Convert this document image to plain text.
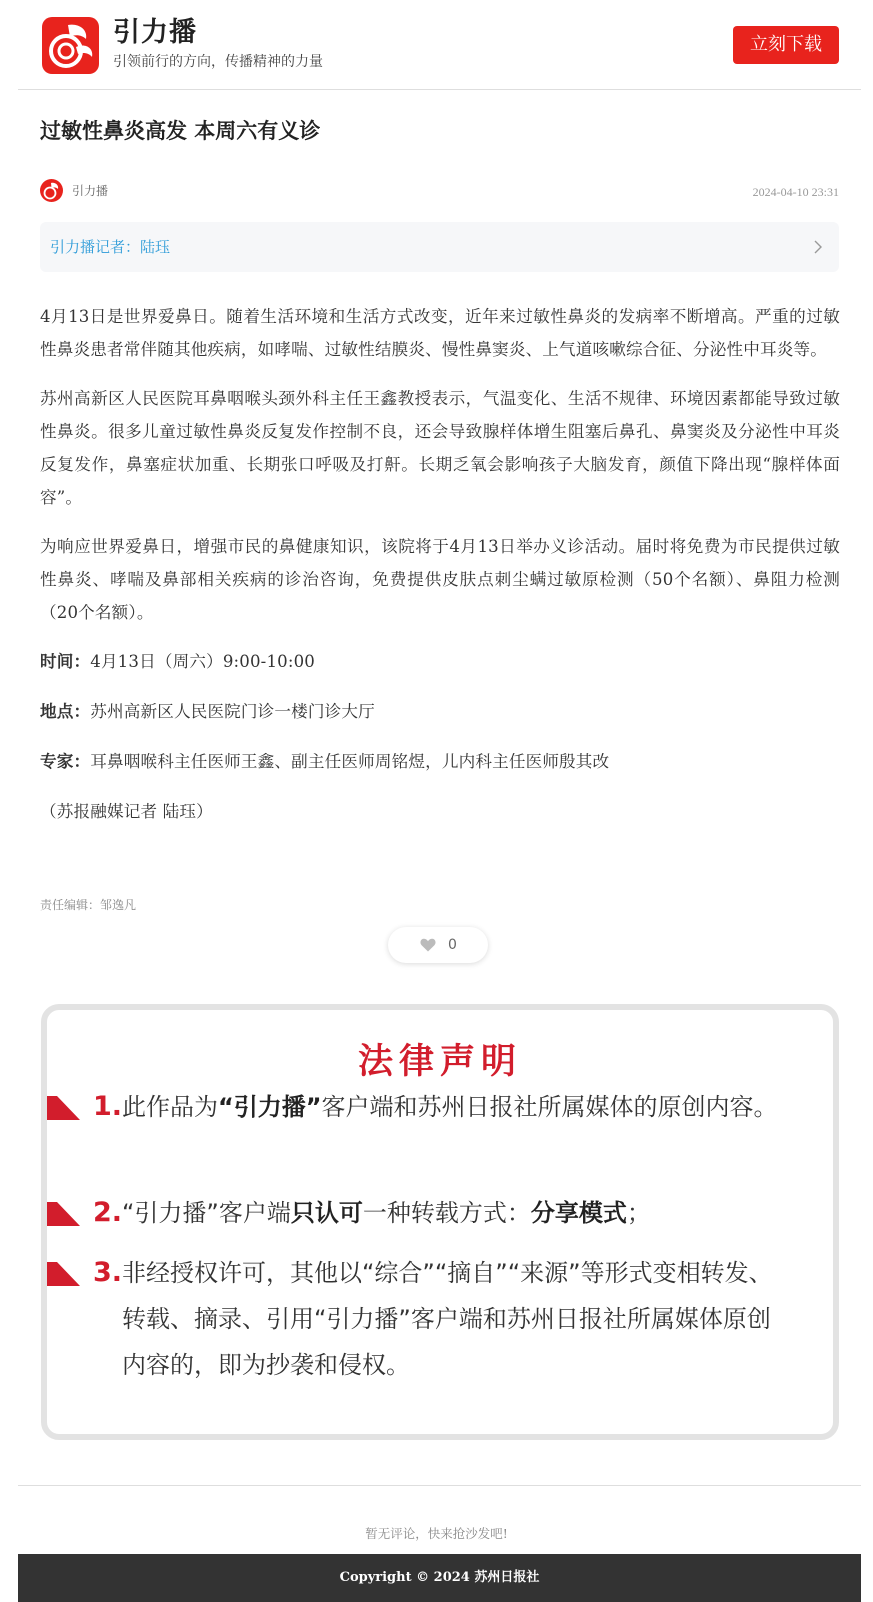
引力播
引领前行的方向，传播精神的力量
立刻下载
过敏性鼻炎高发 本周六有义诊
引力播	2024-04-10 23:31
引力播记者：陆珏

4月13日是世界爱鼻日。随着生活环境和生活方式改变，近年来过敏性鼻炎的发病率不断增高。严重的过敏性鼻炎患者常伴随其他疾病，如哮喘、过敏性结膜炎、慢性鼻窦炎、上气道咳嗽综合征、分泌性中耳炎等。

苏州高新区人民医院耳鼻咽喉头颈外科主任王鑫教授表示，气温变化、生活不规律、环境因素都能导致过敏性鼻炎。很多儿童过敏性鼻炎反复发作控制不良，还会导致腺样体增生阻塞后鼻孔、鼻窦炎及分泌性中耳炎反复发作，鼻塞症状加重、长期张口呼吸及打鼾。长期乏氧会影响孩子大脑发育，颜值下降出现“腺样体面容”。

为响应世界爱鼻日，增强市民的鼻健康知识，该院将于4月13日举办义诊活动。届时将免费为市民提供过敏性鼻炎、哮喘及鼻部相关疾病的诊治咨询，免费提供皮肤点刺尘螨过敏原检测（50个名额）、鼻阻力检测（20个名额）。

时间：4月13日（周六）9:00-10:00

地点：苏州高新区人民医院门诊一楼门诊大厅

专家：耳鼻咽喉科主任医师王鑫、副主任医师周铭煜，儿内科主任医师殷其改

（苏报融媒记者 陆珏）

责任编辑：邹逸凡
0
法律声明
1. 此作品为“引力播”客户端和苏州日报社所属媒体的原创内容。
2. “引力播”客户端只认可一种转载方式：分享模式；
3. 非经授权许可，其他以“综合”“摘自”“来源”等形式变相转发、转载、摘录、引用“引力播”客户端和苏州日报社所属媒体原创内容的，即为抄袭和侵权。
暂无评论，快来抢沙发吧!
Copyright © 2024 苏州日报社
